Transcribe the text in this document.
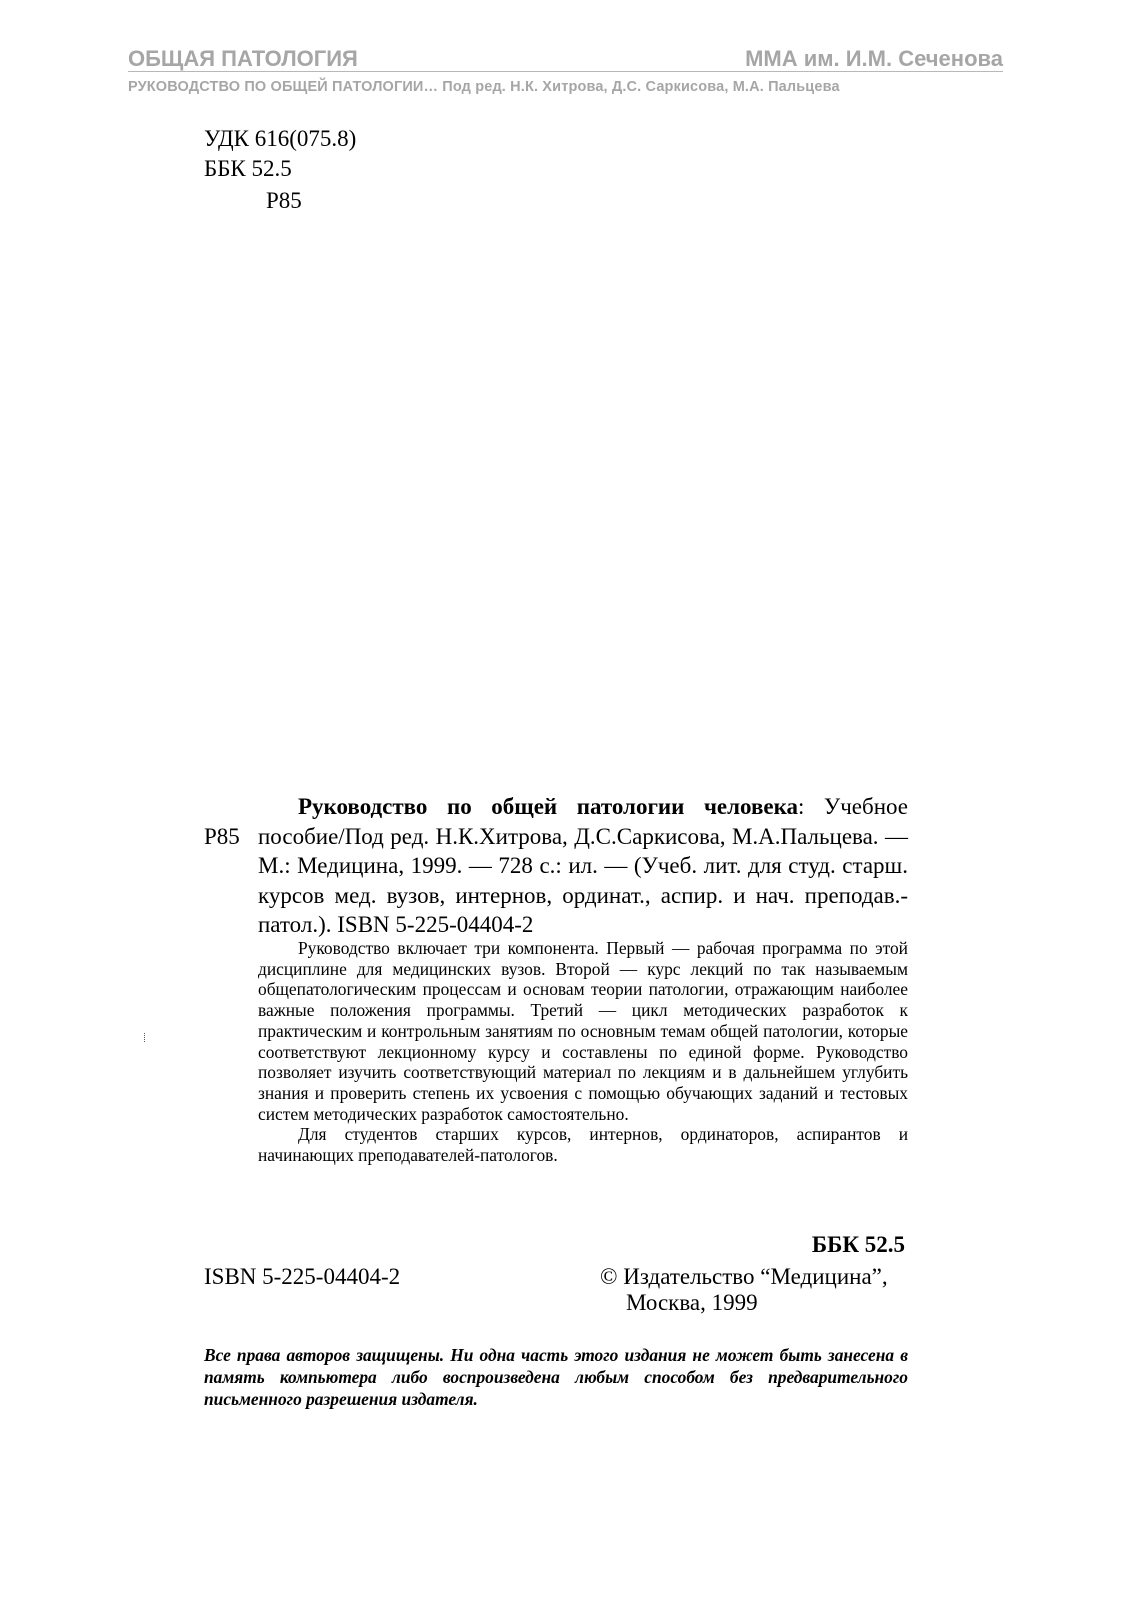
ОБЩАЯ ПАТОЛОГИЯ	ММА им. И.М. Сеченова
РУКОВОДСТВО ПО ОБЩЕЙ ПАТОЛОГИИ… Под ред. Н.К. Хитрова, Д.С. Саркисова, М.А. Пальцева
УДК 616(075.8)
ББК 52.5
Р85
Р85
Руководство по общей патологии человека: Учебное пособие/Под ред. Н.К.Хитрова, Д.С.Саркисова, М.А.Пальцева. — М.: Медицина, 1999. — 728 с.: ил. — (Учеб. лит. для студ. старш. курсов мед. вузов, интернов, ординат., аспир. и нач. преподав.-патол.). ISBN 5-225-04404-2

Руководство включает три компонента. Первый — рабочая программа по этой дисциплине для медицинских вузов. Второй — курс лекций по так называемым общепатологическим процессам и основам теории патологии, отражающим наиболее важные положения программы. Третий — цикл методических разработок к практическим и контрольным занятиям по основным темам общей патологии, которые соответствуют лекционному курсу и составлены по единой форме. Руководство позволяет изучить соответствующий материал по лекциям и в дальнейшем углубить знания и проверить степень их усвоения с помощью обучающих заданий и тестовых систем методических разработок самостоятельно.

Для студентов старших курсов, интернов, ординаторов, аспирантов и начинающих преподавателей-патологов.

ББК 52.5
ISBN 5-225-04404-2	© Издательство “Медицина”,
Москва, 1999
Все права авторов защищены. Ни одна часть этого издания не может быть занесена в память компьютера либо воспроизведена любым способом без предварительного письменного разрешения издателя.
